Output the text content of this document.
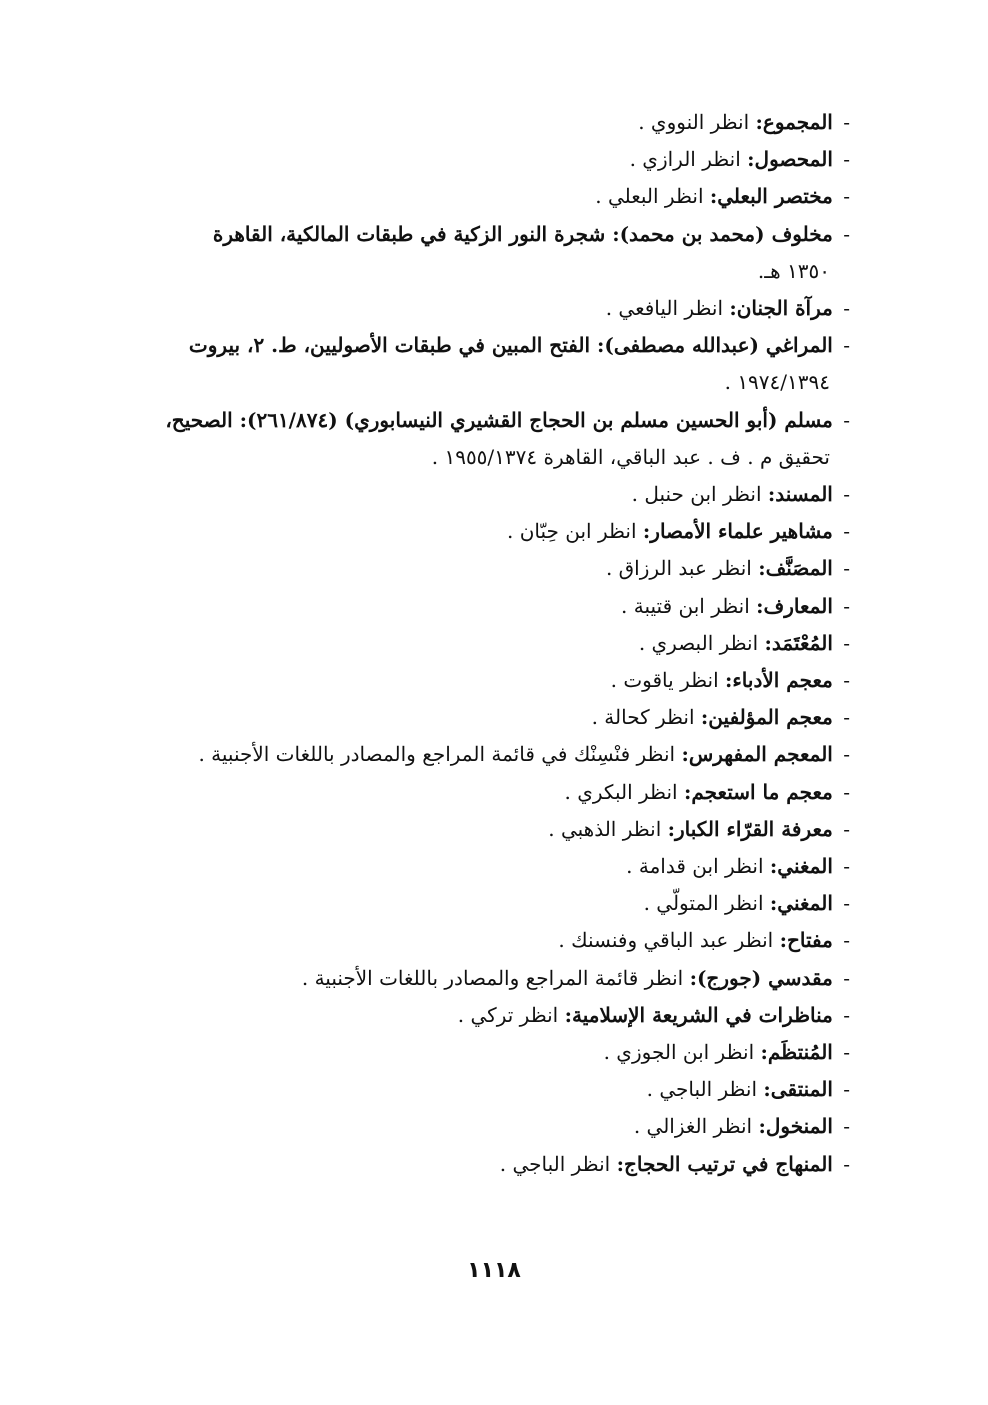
- المجموع: انظر النووي .
- المحصول: انظر الرازي .
- مختصر البعلي: انظر البعلي .
- مخلوف (محمد بن محمد): شجرة النور الزكية في طبقات المالكية، القاهرة
١٣٥٠ هـ.
- مرآة الجنان: انظر اليافعي .
- المراغي (عبدالله مصطفى): الفتح المبين في طبقات الأصوليين، ط. ٢، بيروت
١٩٧٤/١٣٩٤ .
- مسلم (أبو الحسين مسلم بن الحجاج القشيري النيسابوري) (٢٦١/٨٧٤): الصحيح،
تحقيق م . ف . عبد الباقي، القاهرة ١٩٥٥/١٣٧٤ .
- المسند: انظر ابن حنبل .
- مشاهير علماء الأمصار: انظر ابن حِبّان .
- المصَنَّف: انظر عبد الرزاق .
- المعارف: انظر ابن قتيبة .
- المُعْتَمَد: انظر البصري .
- معجم الأدباء: انظر ياقوت .
- معجم المؤلفين: انظر كحالة .
- المعجم المفهرس: انظر فنْسِنْك في قائمة المراجع والمصادر باللغات الأجنبية .
- معجم ما استعجم: انظر البكري .
- معرفة القرّاء الكبار: انظر الذهبي .
- المغني: انظر ابن قدامة .
- المغني: انظر المتولّي .
- مفتاح: انظر عبد الباقي وفنسنك .
- مقدسي (جورج): انظر قائمة المراجع والمصادر باللغات الأجنبية .
- مناظرات في الشريعة الإسلامية: انظر تركي .
- المُنتظَم: انظر ابن الجوزي .
- المنتقى: انظر الباجي .
- المنخول: انظر الغزالي .
- المنهاج في ترتيب الحجاج: انظر الباجي .
١١١٨
